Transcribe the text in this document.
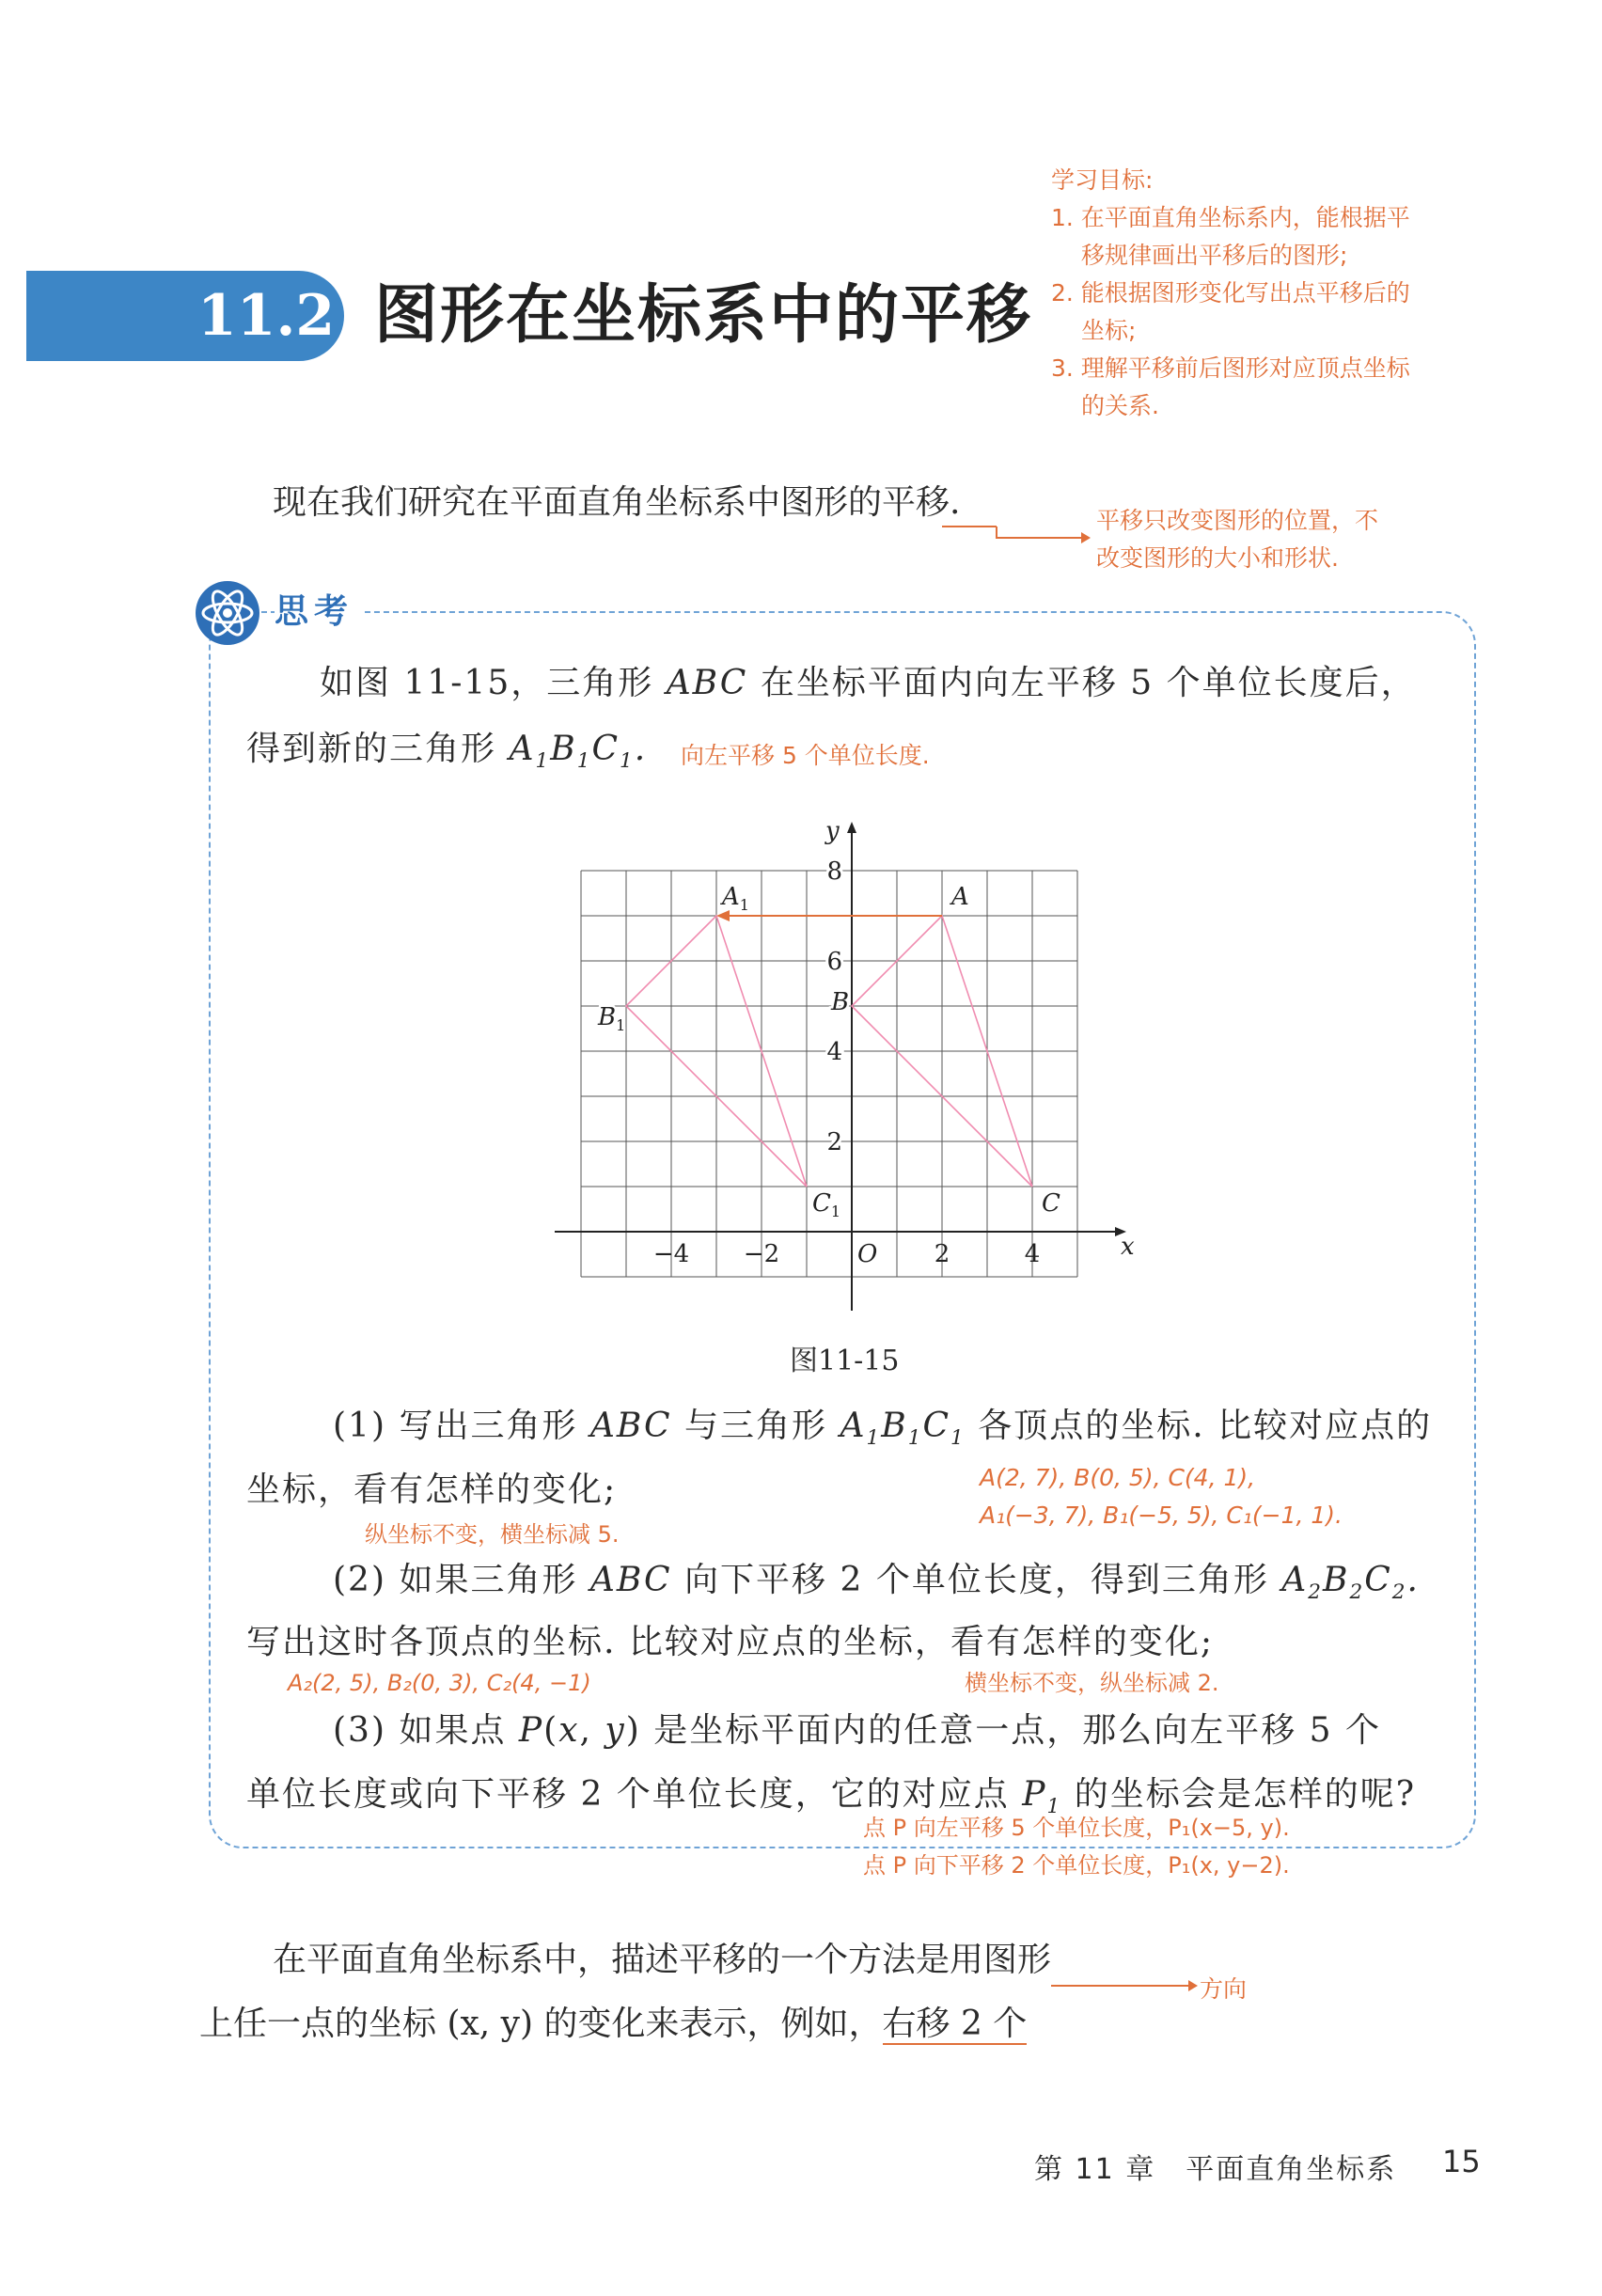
11.2 图形在坐标系中的平移
学习目标:
1. 在平面直角坐标系内，能根据平
移规律画出平移后的图形;
2. 能根据图形变化写出点平移后的
坐标;
3. 理解平移前后图形对应顶点坐标
的关系.
现在我们研究在平面直角坐标系中图形的平移.	平移只改变图形的位置，不
改变图形的大小和形状.
思考
如图 11-15，三角形 ABC 在坐标平面内向左平移 5 个单位长度后，
得到新的三角形 $A_1B_1C_1$. 向左平移 5 个单位长度.
x
y
−4 −2	2	4
2
4
6
8
O
A
B
C
$A_1$
$B_1$
$C_1$
图11-15
(1) 写出三角形 ABC 与三角形 $A_1B_1C_1$ 各顶点的坐标. 比较对应点的
坐标，看有怎样的变化;	A(2, 7), B(0, 5), C(4, 1),
A₁(−3, 7), B₁(−5, 5), C₁(−1, 1).
纵坐标不变，横坐标减 5.
(2) 如果三角形 ABC 向下平移 2 个单位长度，得到三角形 $A_2B_2C_2$.
写出这时各顶点的坐标. 比较对应点的坐标，看有怎样的变化;
A₂(2, 5), B₂(0, 3), C₂(4, −1)	横坐标不变，纵坐标减 2.
(3) 如果点 P(x, y) 是坐标平面内的任意一点，那么向左平移 5 个
单位长度或向下平移 2 个单位长度，它的对应点 $P_1$ 的坐标会是怎样的呢?
点 P 向左平移 5 个单位长度，P₁(x−5, y).
点 P 向下平移 2 个单位长度，P₁(x, y−2).
在平面直角坐标系中，描述平移的一个方法是用图形
上任一点的坐标 (x, y) 的变化来表示，例如，右移 2 个
方向
第 11 章　平面直角坐标系 15
